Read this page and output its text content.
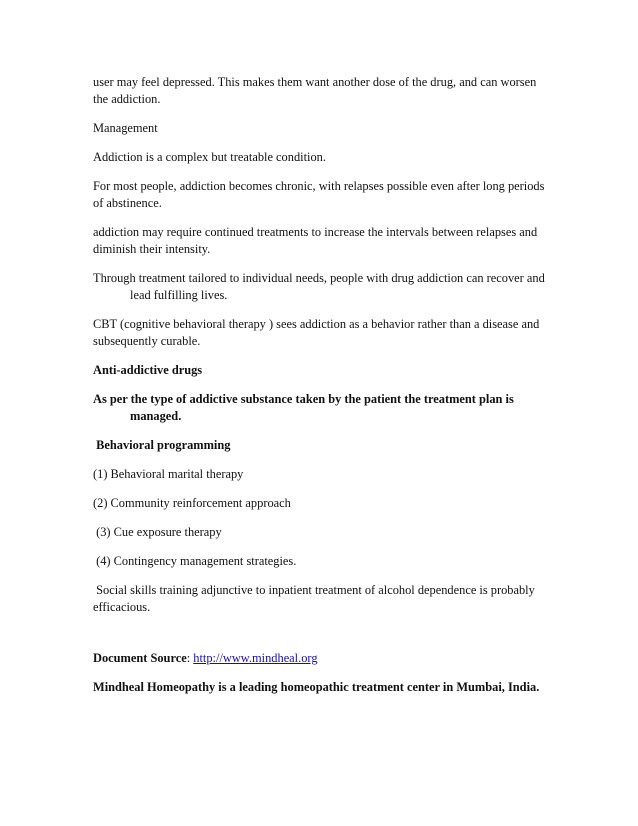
user may feel depressed. This makes them want another dose of the drug, and can worsen the addiction.

Management

Addiction is a complex but treatable condition.

For most people, addiction becomes chronic, with relapses possible even after long periods of abstinence.

addiction may require continued treatments to increase the intervals between relapses and diminish their intensity.

Through treatment tailored to individual needs, people with drug addiction can recover and lead fulfilling lives.

CBT (cognitive behavioral therapy ) sees addiction as a behavior rather than a disease and subsequently curable.

Anti-addictive drugs

As per the type of addictive substance taken by the patient the treatment plan is managed.

Behavioral programming

(1) Behavioral marital therapy

(2) Community reinforcement approach

(3) Cue exposure therapy

(4) Contingency management strategies.

Social skills training adjunctive to inpatient treatment of alcohol dependence is probably efficacious.

Document Source: http://www.mindheal.org

Mindheal Homeopathy is a leading homeopathic treatment center in Mumbai, India.
